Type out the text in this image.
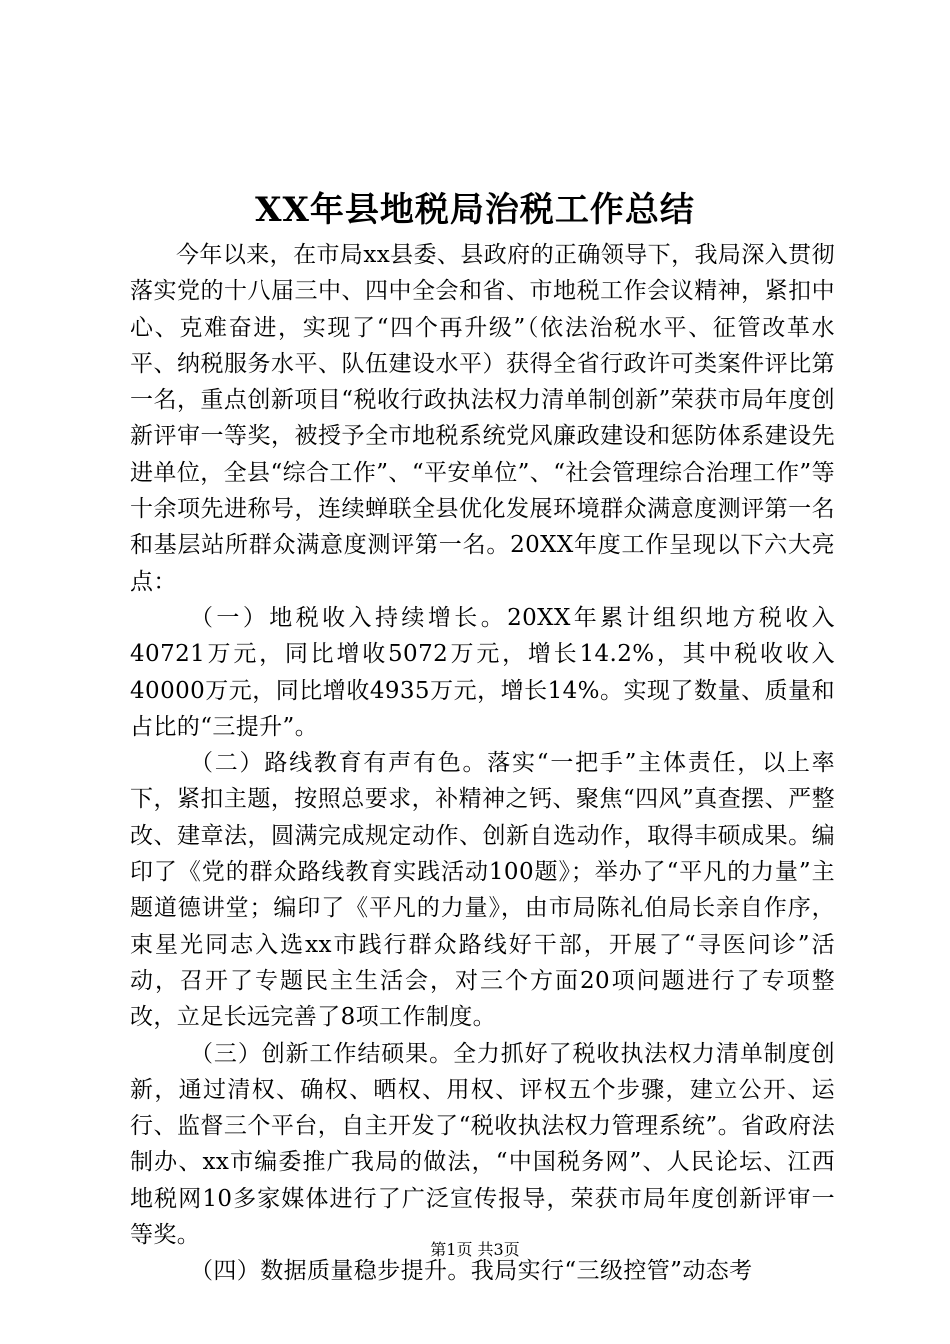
XX年县地税局治税工作总结

今年以来，在市局xx县委、县政府的正确领导下，我局深入贯彻落实党的十八届三中、四中全会和省、市地税工作会议精神，紧扣中心、克难奋进，实现了“四个再升级”（依法治税水平、征管改革水平、纳税服务水平、队伍建设水平）获得全省行政许可类案件评比第一名，重点创新项目“税收行政执法权力清单制创新”荣获市局年度创新评审一等奖，被授予全市地税系统党风廉政建设和惩防体系建设先进单位，全县“综合工作”、“平安单位”、“社会管理综合治理工作”等十余项先进称号，连续蝉联全县优化发展环境群众满意度测评第一名和基层站所群众满意度测评第一名。20XX年度工作呈现以下六大亮点：

（一）地税收入持续增长。20XX年累计组织地方税收入40721万元，同比增收5072万元，增长14.2%，其中税收收入40000万元，同比增收4935万元，增长14%。实现了数量、质量和占比的“三提升”。

（二）路线教育有声有色。落实“一把手”主体责任，以上率下，紧扣主题，按照总要求，补精神之钙、聚焦“四风”真查摆、严整改、建章法，圆满完成规定动作、创新自选动作，取得丰硕成果。编印了《党的群众路线教育实践活动100题》；举办了“平凡的力量”主题道德讲堂；编印了《平凡的力量》，由市局陈礼伯局长亲自作序，束星光同志入选xx市践行群众路线好干部，开展了“寻医问诊”活动，召开了专题民主生活会，对三个方面20项问题进行了专项整改，立足长远完善了8项工作制度。

（三）创新工作结硕果。全力抓好了税收执法权力清单制度创新，通过清权、确权、晒权、用权、评权五个步骤，建立公开、运行、监督三个平台，自主开发了“税收执法权力管理系统”。省政府法制办、xx市编委推广我局的做法，“中国税务网”、人民论坛、江西地税网10多家媒体进行了广泛宣传报导，荣获市局年度创新评审一等奖。

（四）数据质量稳步提升。我局实行“三级控管”动态考

第1页 共3页
